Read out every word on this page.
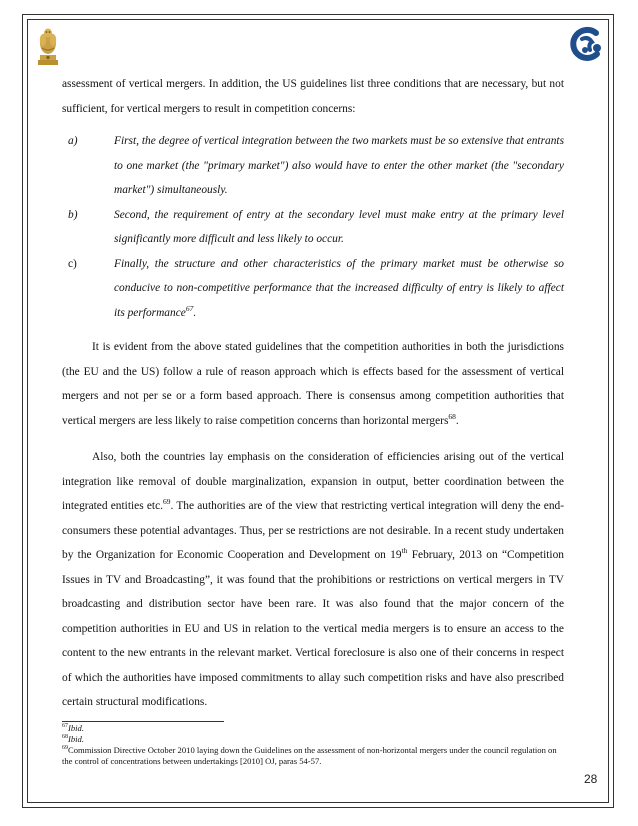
assessment of vertical mergers. In addition, the US guidelines list three conditions that are necessary, but not sufficient, for vertical mergers to result in competition concerns:

a)	First, the degree of vertical integration between the two markets must be so extensive that entrants to one market (the "primary market") also would have to enter the other market (the "secondary market") simultaneously.
b)	Second, the requirement of entry at the secondary level must make entry at the primary level significantly more difficult and less likely to occur.
c)	Finally, the structure and other characteristics of the primary market must be otherwise so conducive to non-competitive performance that the increased difficulty of entry is likely to affect its performance$^{67}$.

It is evident from the above stated guidelines that the competition authorities in both the jurisdictions (the EU and the US) follow a rule of reason approach which is effects based for the assessment of vertical mergers and not per se or a form based approach. There is consensus among competition authorities that vertical mergers are less likely to raise competition concerns than horizontal mergers$^{68}$.

Also, both the countries lay emphasis on the consideration of efficiencies arising out of the vertical integration like removal of double marginalization, expansion in output, better coordination between the integrated entities etc.$^{69}$. The authorities are of the view that restricting vertical integration will deny the end-consumers these potential advantages. Thus, per se restrictions are not desirable. In a recent study undertaken by the Organization for Economic Cooperation and Development on 19th February, 2013 on “Competition Issues in TV and Broadcasting”, it was found that the prohibitions or restrictions on vertical mergers in TV broadcasting and distribution sector have been rare. It was also found that the major concern of the competition authorities in EU and US in relation to the vertical media mergers is to ensure an access to the content to the new entrants in the relevant market. Vertical foreclosure is also one of their concerns in respect of which the authorities have imposed commitments to allay such competition risks and have also prescribed certain structural modifications.

$^{67}$Ibid.
$^{68}$Ibid.
$^{69}$Commission Directive October 2010 laying down the Guidelines on the assessment of non-horizontal mergers under the council regulation on the control of concentrations between undertakings [2010] OJ, paras 54-57.
28
